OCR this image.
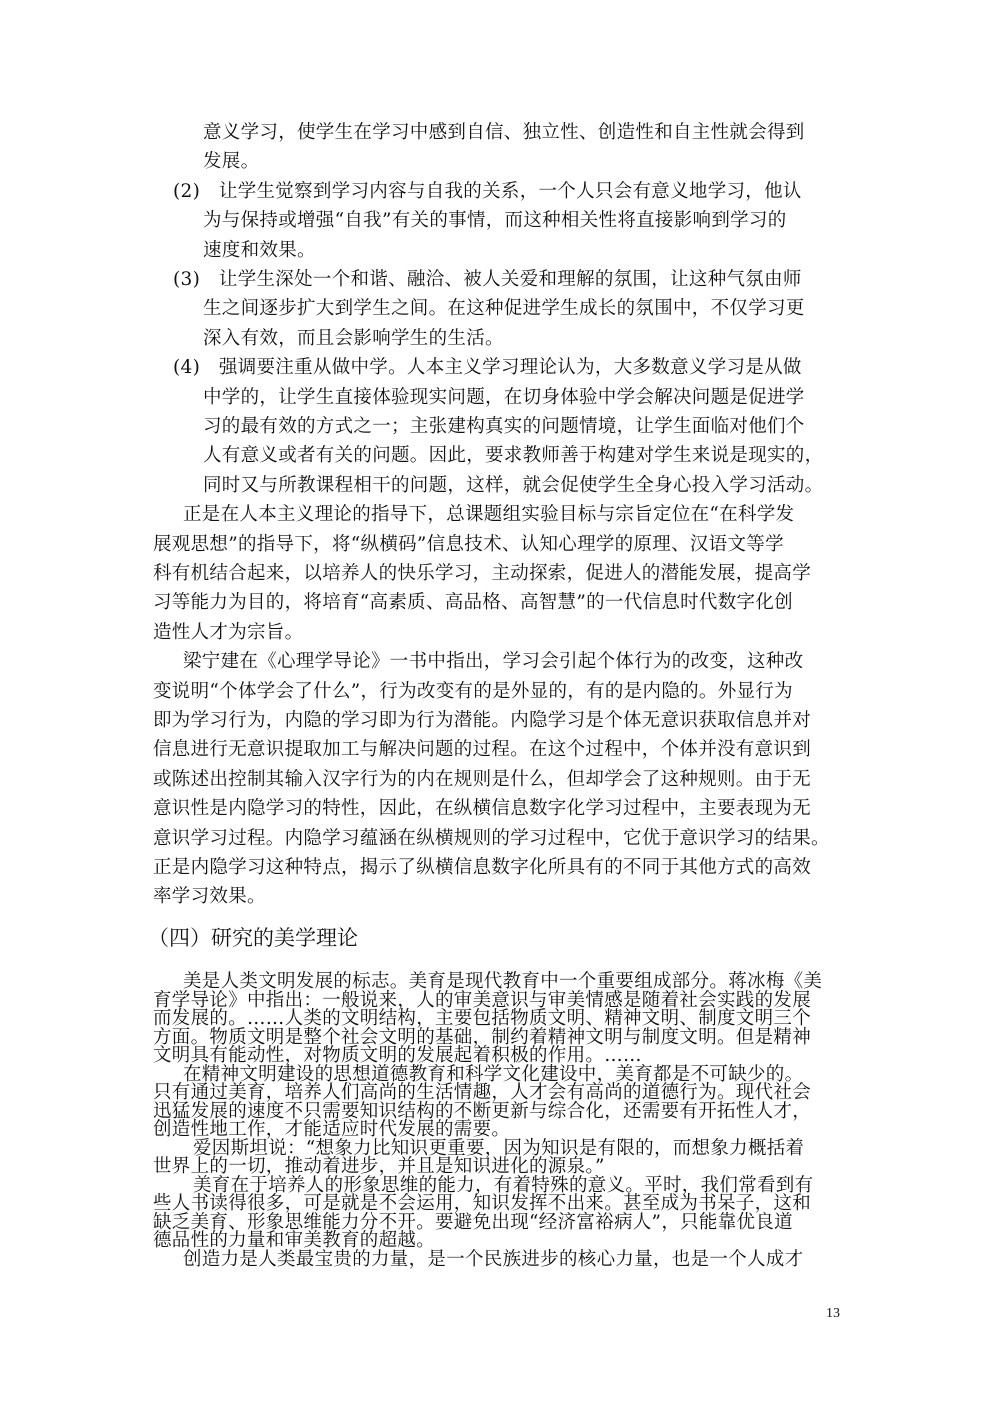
意义学习，使学生在学习中感到自信、独立性、创造性和自主性就会得到
发展。
(2)　让学生觉察到学习内容与自我的关系，一个人只会有意义地学习，他认
为与保持或增强“自我”有关的事情，而这种相关性将直接影响到学习的
速度和效果。
(3)　让学生深处一个和谐、融洽、被人关爱和理解的氛围，让这种气氛由师
生之间逐步扩大到学生之间。在这种促进学生成长的氛围中，不仅学习更
深入有效，而且会影响学生的生活。
(4)　强调要注重从做中学。人本主义学习理论认为，大多数意义学习是从做
中学的，让学生直接体验现实问题，在切身体验中学会解决问题是促进学
习的最有效的方式之一；主张建构真实的问题情境，让学生面临对他们个
人有意义或者有关的问题。因此，要求教师善于构建对学生来说是现实的，
同时又与所教课程相干的问题，这样，就会促使学生全身心投入学习活动。
正是在人本主义理论的指导下，总课题组实验目标与宗旨定位在“在科学发
展观思想”的指导下，将“纵横码”信息技术、认知心理学的原理、汉语文等学
科有机结合起来，以培养人的快乐学习，主动探索，促进人的潜能发展，提高学
习等能力为目的，将培育“高素质、高品格、高智慧”的一代信息时代数字化创
造性人才为宗旨。
梁宁建在《心理学导论》一书中指出，学习会引起个体行为的改变，这种改
变说明“个体学会了什么”，行为改变有的是外显的，有的是内隐的。外显行为
即为学习行为，内隐的学习即为行为潜能。内隐学习是个体无意识获取信息并对
信息进行无意识提取加工与解决问题的过程。在这个过程中，个体并没有意识到
或陈述出控制其输入汉字行为的内在规则是什么，但却学会了这种规则。由于无
意识性是内隐学习的特性，因此，在纵横信息数字化学习过程中，主要表现为无
意识学习过程。内隐学习蕴涵在纵横规则的学习过程中，它优于意识学习的结果。
正是内隐学习这种特点，揭示了纵横信息数字化所具有的不同于其他方式的高效
率学习效果。
美是人类文明发展的标志。美育是现代教育中一个重要组成部分。蒋冰梅《美
育学导论》中指出：一般说来，人的审美意识与审美情感是随着社会实践的发展
而发展的。……人类的文明结构，主要包括物质文明、精神文明、制度文明三个
方面。物质文明是整个社会文明的基础，制约着精神文明与制度文明。但是精神
文明具有能动性，对物质文明的发展起着积极的作用。……
在精神文明建设的思想道德教育和科学文化建设中，美育都是不可缺少的。
只有通过美育，培养人们高尚的生活情趣，人才会有高尚的道德行为。现代社会
迅猛发展的速度不只需要知识结构的不断更新与综合化，还需要有开拓性人才，
创造性地工作，才能适应时代发展的需要。
爱因斯坦说：“想象力比知识更重要，因为知识是有限的，而想象力概括着
世界上的一切，推动着进步，并且是知识进化的源泉。”
美育在于培养人的形象思维的能力，有着特殊的意义。平时，我们常看到有
些人书读得很多，可是就是不会运用，知识发挥不出来。甚至成为书呆子，这和
缺乏美育、形象思维能力分不开。要避免出现“经济富裕病人”，只能靠优良道
德品性的力量和审美教育的超越。
创造力是人类最宝贵的力量，是一个民族进步的核心力量，也是一个人成才
（四）研究的美学理论
13
